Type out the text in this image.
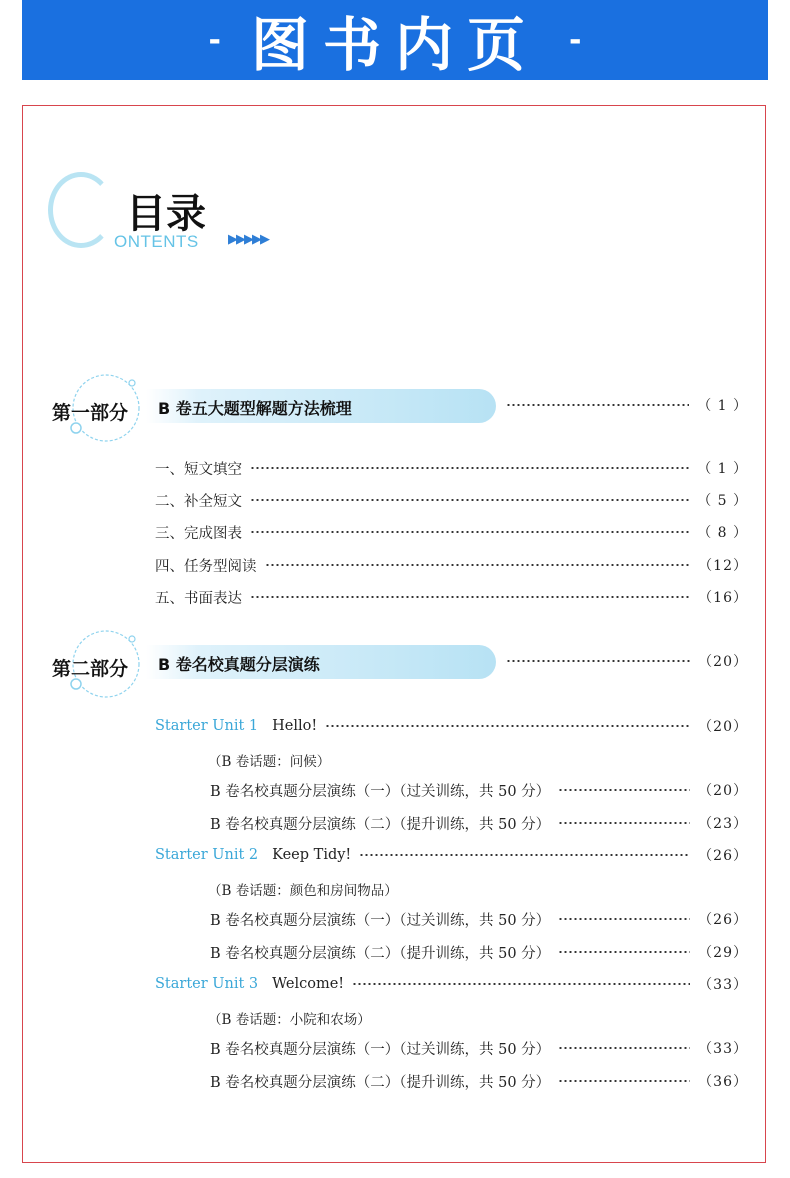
- 图书内页 -
目录
ONTENTS ▶▶▶▶▶
第一部分 B 卷五大题型解题方法梳理	（ 1 ）
一、短文填空	（ 1 ）
二、补全短文	（ 5 ）
三、完成图表	（ 8 ）
四、任务型阅读	（12）
五、书面表达	（16）
第二部分 B 卷名校真题分层演练	（20）
Starter Unit 1 Hello!	（20）
（B 卷话题：问候）
B 卷名校真题分层演练（一）（过关训练，共 50 分）	（20）
B 卷名校真题分层演练（二）（提升训练，共 50 分）	（23）
Starter Unit 2 Keep Tidy!	（26）
（B 卷话题：颜色和房间物品）
B 卷名校真题分层演练（一）（过关训练，共 50 分）	（26）
B 卷名校真题分层演练（二）（提升训练，共 50 分）	（29）
Starter Unit 3 Welcome!	（33）
（B 卷话题：小院和农场）
B 卷名校真题分层演练（一）（过关训练，共 50 分）	（33）
B 卷名校真题分层演练（二）（提升训练，共 50 分）	（36）
